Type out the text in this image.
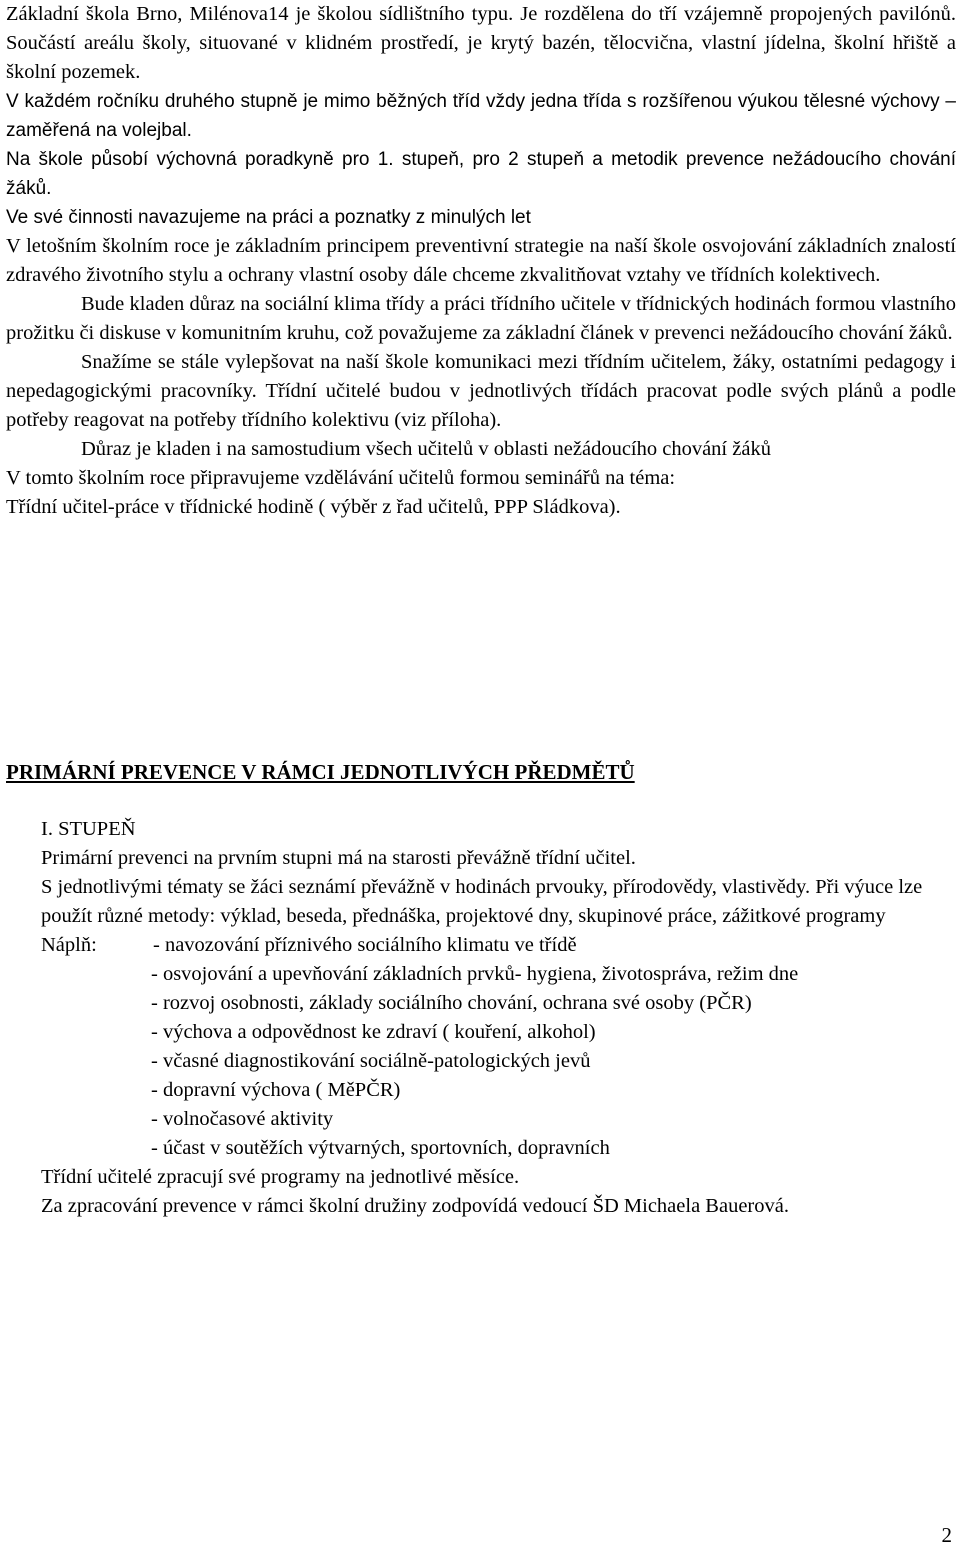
Základní škola Brno, Milénova14 je školou sídlištního typu. Je rozdělena do tří vzájemně propojených pavilónů. Součástí areálu školy, situované v klidném prostředí, je krytý bazén, tělocvična, vlastní jídelna, školní hřiště a školní pozemek.

V každém ročníku druhého stupně je mimo běžných tříd vždy jedna třída s rozšířenou výukou tělesné výchovy – zaměřená na volejbal.

Na škole působí výchovná poradkyně pro 1. stupeň, pro 2 stupeň a metodik prevence nežádoucího chování žáků.

Ve své činnosti navazujeme na práci a poznatky z minulých let

V letošním školním roce je základním principem preventivní strategie na naší škole osvojování základních znalostí zdravého životního stylu a ochrany vlastní osoby dále chceme zkvalitňovat vztahy ve třídních kolektivech.

Bude kladen důraz na sociální klima třídy a práci třídního učitele v třídnických hodinách formou vlastního prožitku či diskuse v komunitním kruhu, což považujeme za základní článek v prevenci nežádoucího chování žáků.

Snažíme se stále vylepšovat na naší škole komunikaci mezi třídním učitelem, žáky, ostatními pedagogy i nepedagogickými pracovníky. Třídní učitelé budou v jednotlivých třídách pracovat podle svých plánů a podle potřeby reagovat na potřeby třídního kolektivu (viz příloha).

Důraz je kladen i na samostudium všech učitelů v oblasti nežádoucího chování žáků

V tomto školním roce připravujeme vzdělávání učitelů formou seminářů na téma:

Třídní učitel-práce v třídnické hodině ( výběr z řad učitelů, PPP Sládkova).

PRIMÁRNÍ PREVENCE V RÁMCI JEDNOTLIVÝCH PŘEDMĚTŮ

I. STUPEŇ

Primární prevenci na prvním stupni má na starosti převážně třídní učitel.

S jednotlivými tématy se žáci seznámí převážně v hodinách prvouky, přírodovědy, vlastivědy. Při výuce lze použít různé metody: výklad, beseda, přednáška, projektové dny, skupinové práce, zážitkové programy

Náplň:	- navozování příznivého sociálního klimatu ve třídě
- osvojování a upevňování základních prvků- hygiena, životospráva, režim dne
- rozvoj osobnosti, základy sociálního chování, ochrana své osoby (PČR)
- výchova a odpovědnost ke zdraví ( kouření, alkohol)
- včasné diagnostikování sociálně-patologických jevů
- dopravní výchova ( MěPČR)
- volnočasové aktivity
- účast v soutěžích výtvarných, sportovních, dopravních

Třídní učitelé zpracují své programy na jednotlivé měsíce.

Za zpracování prevence v rámci školní družiny zodpovídá vedoucí ŠD Michaela Bauerová.

2
